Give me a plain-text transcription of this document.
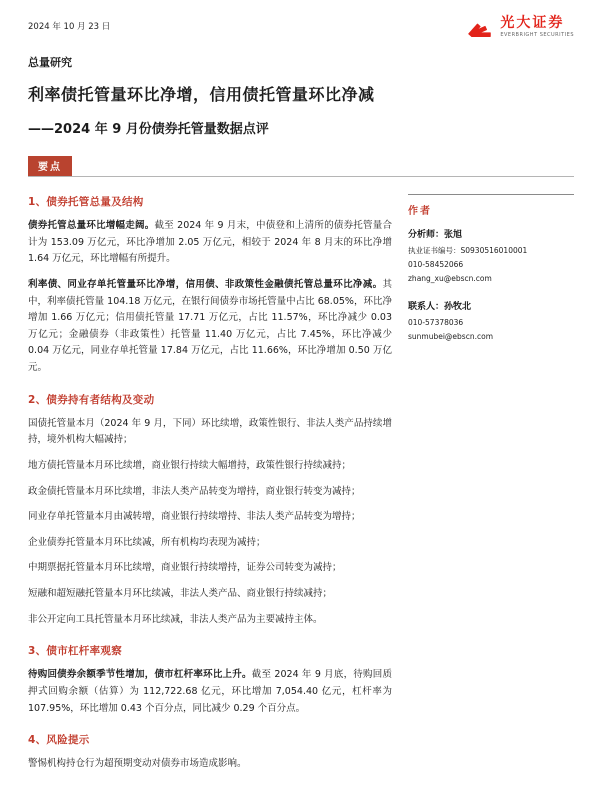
2024 年 10 月 23 日	光大证券
EVERBRIGHT SECURITIES
总量研究
利率债托管量环比净增，信用债托管量环比净减
——2024 年 9 月份债券托管量数据点评
要点
1、债券托管总量及结构

债券托管总量环比增幅走阔。截至 2024 年 9 月末，中债登和上清所的债券托管量合计为 153.09 万亿元，环比净增加 2.05 万亿元，相较于 2024 年 8 月末的环比净增 1.64 万亿元，环比增幅有所提升。

利率债、同业存单托管量环比净增，信用债、非政策性金融债托管总量环比净减。其中，利率债托管量 104.18 万亿元，在银行间债券市场托管量中占比 68.05%，环比净增加 1.66 万亿元；信用债托管量 17.71 万亿元，占比 11.57%，环比净减少 0.03 万亿元；金融债券（非政策性）托管量 11.40 万亿元，占比 7.45%，环比净减少 0.04 万亿元，同业存单托管量 17.84 万亿元，占比 11.66%，环比净增加 0.50 万亿元。

2、债券持有者结构及变动

国债托管量本月（2024 年 9 月，下同）环比续增，政策性银行、非法人类产品持续增持，境外机构大幅减持；

地方债托管量本月环比续增，商业银行持续大幅增持，政策性银行持续减持；

政金债托管量本月环比续增，非法人类产品转变为增持，商业银行转变为减持；

同业存单托管量本月由减转增，商业银行持续增持、非法人类产品转变为增持；

企业债券托管量本月环比续减，所有机构均表现为减持；

中期票据托管量本月环比续增，商业银行持续增持，证券公司转变为减持；

短融和超短融托管量本月环比续减，非法人类产品、商业银行持续减持；

非公开定向工具托管量本月环比续减，非法人类产品为主要减持主体。

3、债市杠杆率观察

待购回债券余额季节性增加，债市杠杆率环比上升。截至 2024 年 9 月底，待购回质押式回购余额（估算）为 112,722.68 亿元，环比增加 7,054.40 亿元，杠杆率为 107.95%，环比增加 0.43 个百分点，同比减少 0.29 个百分点。

4、风险提示

警惕机构持仓行为超预期变动对债券市场造成影响。

作者
分析师：张旭
执业证书编号：S0930516010001
010-58452066
zhang_xu@ebscn.com
联系人：孙牧北
010-57378036
sunmubei@ebscn.com
